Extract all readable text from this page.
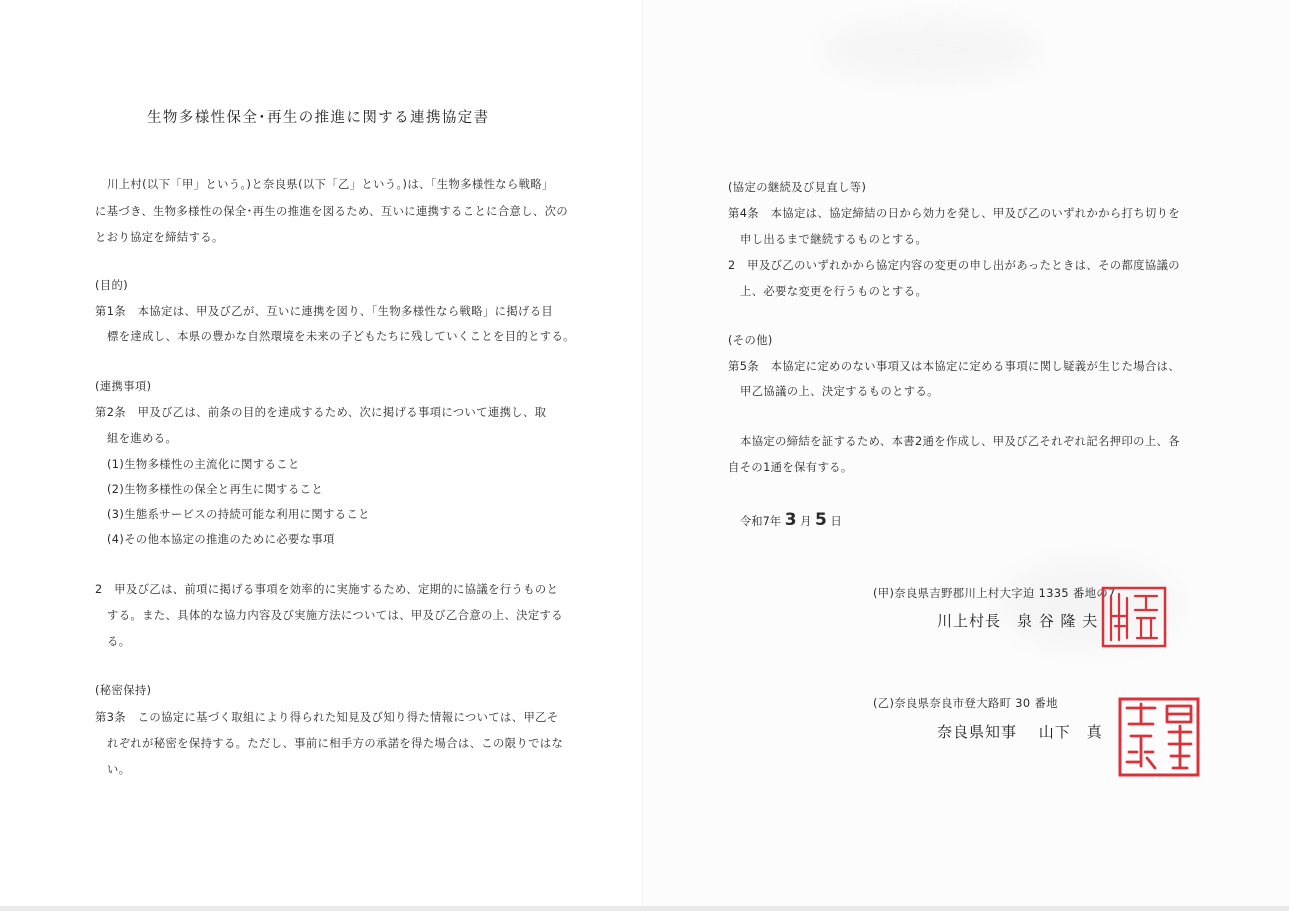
生物多様性保全･再生の推進に関する連携協定書
川上村(以下「甲」という。)と奈良県(以下「乙」という。)は、「生物多様性なら戦略」
に基づき、生物多様性の保全･再生の推進を図るため、互いに連携することに合意し、次の
とおり協定を締結する。
(目的)
第1条　本協定は、甲及び乙が、互いに連携を図り、「生物多様性なら戦略」に掲げる目
標を達成し、本県の豊かな自然環境を未来の子どもたちに残していくことを目的とする。
(連携事項)
第2条　甲及び乙は、前条の目的を達成するため、次に掲げる事項について連携し、取
組を進める。
(1)生物多様性の主流化に関すること
(2)生物多様性の保全と再生に関すること
(3)生態系サービスの持続可能な利用に関すること
(4)その他本協定の推進のために必要な事項
2　甲及び乙は、前項に掲げる事項を効率的に実施するため、定期的に協議を行うものと
する。また、具体的な協力内容及び実施方法については、甲及び乙合意の上、決定する
る。
(秘密保持)
第3条　この協定に基づく取組により得られた知見及び知り得た情報については、甲乙そ
れぞれが秘密を保持する。ただし、事前に相手方の承諾を得た場合は、この限りではな
い。
(協定の継続及び見直し等)
第4条　本協定は、協定締結の日から効力を発し、甲及び乙のいずれかから打ち切りを
申し出るまで継続するものとする。
2　甲及び乙のいずれかから協定内容の変更の申し出があったときは、その都度協議の
上、必要な変更を行うものとする。
(その他)
第5条　本協定に定めのない事項又は本協定に定める事項に関し疑義が生じた場合は、
甲乙協議の上、決定するものとする。
本協定の締結を証するため、本書2通を作成し、甲及び乙それぞれ記名押印の上、各
自その1通を保有する。
令和7年 3 月 5 日
(甲)奈良県吉野郡川上村大字迫 1335 番地の7
川上村長　泉 谷 隆 夫
(乙)奈良県奈良市登大路町 30 番地
奈良県知事　 山下　真
